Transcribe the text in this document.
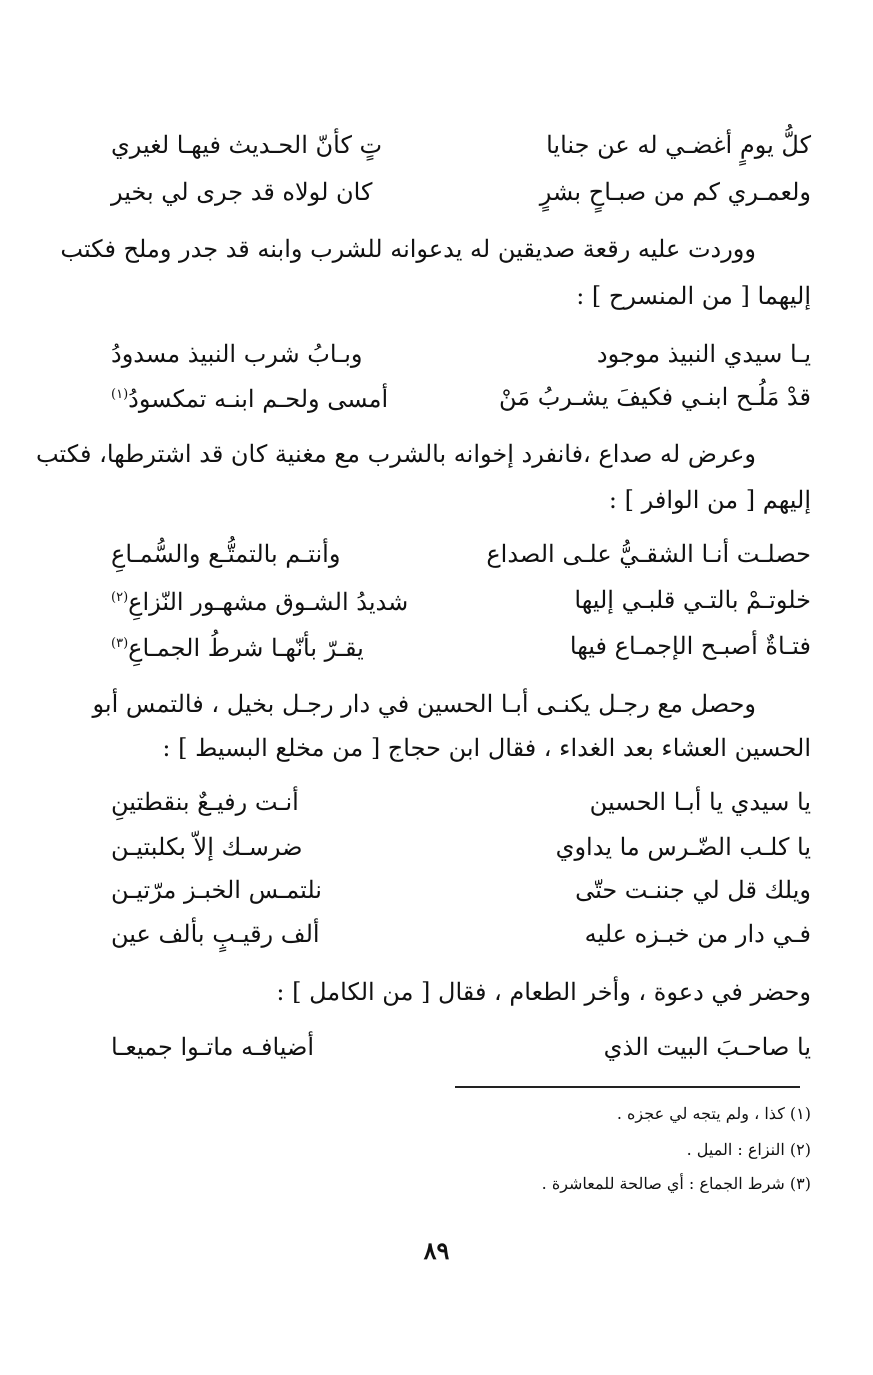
كلُّ يومٍ أغضـي له عن جنايا
تٍ كأنّ الحـديث فيهـا لغيري
ولعمـري كم من صبـاحٍ بشرٍ
كان لولاه قد جرى لي بخير
ووردت عليه رقعة صديقين له يدعوانه للشرب وابنه قد جدر وملح فكتب
إليهما [ من المنسرح ] :
يـا سيدي النبيذ موجود
وبـابُ شرب النبيذ مسدودُ
قدْ مَلُـح ابنـي فكيفَ يشـربُ مَنْ
أمسى ولحـم ابنـه تمكسودُ$^{(١)}$
وعرض له صداع ،فانفرد إخوانه بالشرب مع مغنية كان قد اشترطها، فكتب
إليهم [ من الوافر ] :
حصلـت أنـا الشقـيُّ علـى الصداع
وأنتـم بالتمتُّـع والسُّمـاعِ
خلوتـمْ بالتـي قلبـي إليها
شديدُ الشـوق مشهـور النّزاعِ$^{(٢)}$
فتـاةٌ أصبـح الإجمـاع فيها
يقـرّ بأنّهـا شرطُ الجمـاعِ$^{(٣)}$
وحصل مع رجـل يكنـى أبـا الحسين في دار رجـل بخيل ، فالتمس أبو
الحسين العشاء بعد الغداء ، فقال ابن حجاج [ من مخلع البسيط ] :
يا سيدي يا أبـا الحسين
أنـت رفيـعٌ بنقطتينِ
يا كلـب الضّـرس ما يداوي
ضرسـك إلاّ بكلبتيـن
ويلك قل لي جننـت حتّى
نلتمـس الخبـز مرّتيـن
فـي دار من خبـزه عليه
ألف رقيـبٍ بألف عين
وحضر في دعوة ، وأخر الطعام ، فقال [ من الكامل ] :
يا صاحـبَ البيت الذي
أضيافـه ماتـوا جميعـا
(١) كذا ، ولم يتجه لي عجزه .
(٢) النزاع : الميل .
(٣) شرط الجماع : أي صالحة للمعاشرة .
٨٩
